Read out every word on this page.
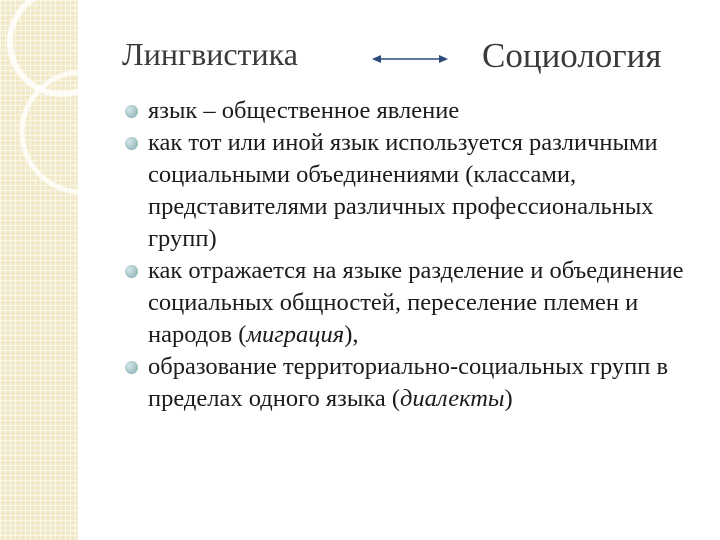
Лингвистика	Социология
язык – общественное явление
как тот или иной язык используется различными социальными объединениями (классами, представителями различных профессиональных групп)
как отражается на языке разделение и объединение социальных общностей, переселение племен и народов (миграция),
образование территориально-социальных групп в пределах одного языка (диалекты)
